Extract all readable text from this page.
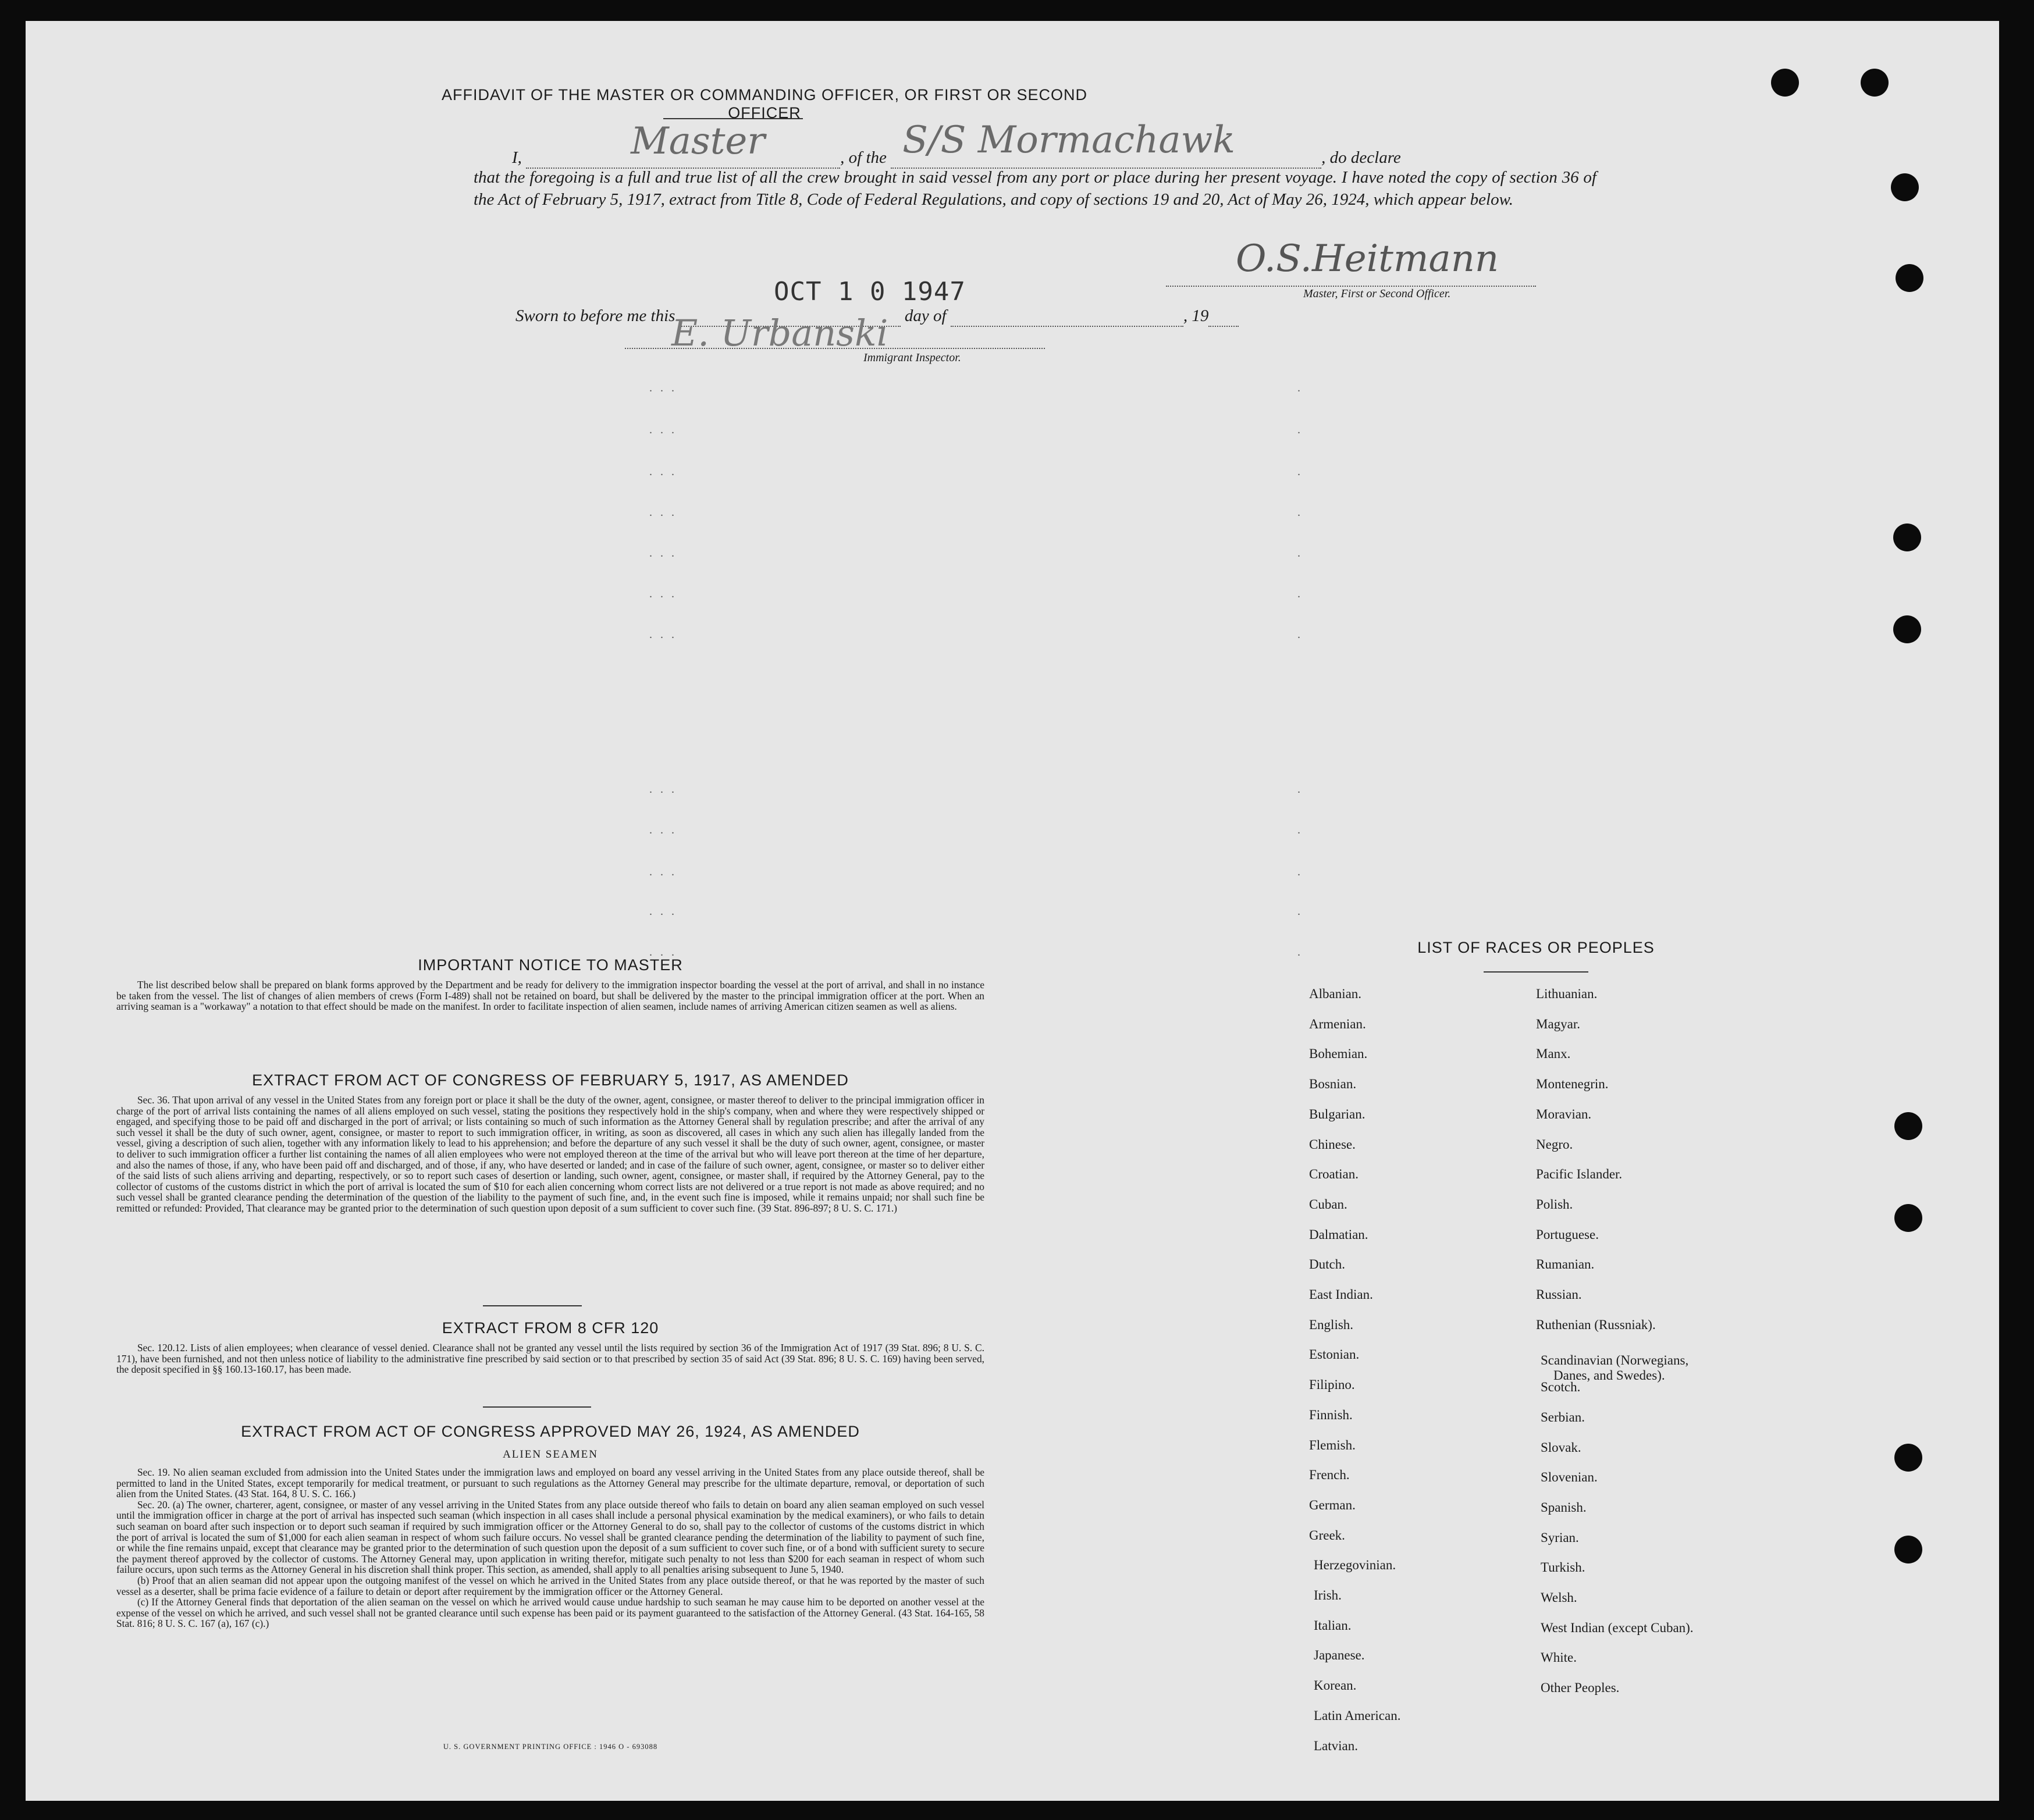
AFFIDAVIT OF THE MASTER OR COMMANDING OFFICER, OR FIRST OR SECOND OFFICER
I,	Master	, of the S/S Mormachawk	, do declare
that the foregoing is a full and true list of all the crew brought in said vessel from any port or place during her present voyage. I have noted the copy of section 36 of the Act of February 5, 1917, extract from Title 8, Code of Federal Regulations, and copy of sections 19 and 20, Act of May 26, 1924, which appear below.
O.S.Heitmann
Master, First or Second Officer.
Sworn to before me this	day of	, 19
OCT 1 0 1947
E. Urbanski
Immigrant Inspector.
...
...
...
...
...
...
...
...
...
...
...
...
.
.
.
.
.
.
.
.
.
.
.
.
IMPORTANT NOTICE TO MASTER

The list described below shall be prepared on blank forms approved by the Department and be ready for delivery to the immigration inspector boarding the vessel at the port of arrival, and shall in no instance be taken from the vessel. The list of changes of alien members of crews (Form I-489) shall not be retained on board, but shall be delivered by the master to the principal immigration officer at the port. When an arriving seaman is a "workaway" a notation to that effect should be made on the manifest. In order to facilitate inspection of alien seamen, include names of arriving American citizen seamen as well as aliens.

EXTRACT FROM ACT OF CONGRESS OF FEBRUARY 5, 1917, AS AMENDED

Sec. 36. That upon arrival of any vessel in the United States from any foreign port or place it shall be the duty of the owner, agent, consignee, or master thereof to deliver to the principal immigration officer in charge of the port of arrival lists containing the names of all aliens employed on such vessel, stating the positions they respectively hold in the ship's company, when and where they were respectively shipped or engaged, and specifying those to be paid off and discharged in the port of arrival; or lists containing so much of such information as the Attorney General shall by regulation prescribe; and after the arrival of any such vessel it shall be the duty of such owner, agent, consignee, or master to report to such immigration officer, in writing, as soon as discovered, all cases in which any such alien has illegally landed from the vessel, giving a description of such alien, together with any information likely to lead to his apprehension; and before the departure of any such vessel it shall be the duty of such owner, agent, consignee, or master to deliver to such immigration officer a further list containing the names of all alien employees who were not employed thereon at the time of the arrival but who will leave port thereon at the time of her departure, and also the names of those, if any, who have been paid off and discharged, and of those, if any, who have deserted or landed; and in case of the failure of such owner, agent, consignee, or master so to deliver either of the said lists of such aliens arriving and departing, respectively, or so to report such cases of desertion or landing, such owner, agent, consignee, or master shall, if required by the Attorney General, pay to the collector of customs of the customs district in which the port of arrival is located the sum of $10 for each alien concerning whom correct lists are not delivered or a true report is not made as above required; and no such vessel shall be granted clearance pending the determination of the question of the liability to the payment of such fine, and, in the event such fine is imposed, while it remains unpaid; nor shall such fine be remitted or refunded: Provided, That clearance may be granted prior to the determination of such question upon deposit of a sum sufficient to cover such fine. (39 Stat. 896-897; 8 U. S. C. 171.)

EXTRACT FROM 8 CFR 120

Sec. 120.12. Lists of alien employees; when clearance of vessel denied. Clearance shall not be granted any vessel until the lists required by section 36 of the Immigration Act of 1917 (39 Stat. 896; 8 U. S. C. 171), have been furnished, and not then unless notice of liability to the administrative fine prescribed by said section or to that prescribed by section 35 of said Act (39 Stat. 896; 8 U. S. C. 169) having been served, the deposit specified in §§ 160.13-160.17, has been made.

EXTRACT FROM ACT OF CONGRESS APPROVED MAY 26, 1924, AS AMENDED
ALIEN SEAMEN

Sec. 19. No alien seaman excluded from admission into the United States under the immigration laws and employed on board any vessel arriving in the United States from any place outside thereof, shall be permitted to land in the United States, except temporarily for medical treatment, or pursuant to such regulations as the Attorney General may prescribe for the ultimate departure, removal, or deportation of such alien from the United States. (43 Stat. 164, 8 U. S. C. 166.)

Sec. 20. (a) The owner, charterer, agent, consignee, or master of any vessel arriving in the United States from any place outside thereof who fails to detain on board any alien seaman employed on such vessel until the immigration officer in charge at the port of arrival has inspected such seaman (which inspection in all cases shall include a personal physical examination by the medical examiners), or who fails to detain such seaman on board after such inspection or to deport such seaman if required by such immigration officer or the Attorney General to do so, shall pay to the collector of customs of the customs district in which the port of arrival is located the sum of $1,000 for each alien seaman in respect of whom such failure occurs. No vessel shall be granted clearance pending the determination of the liability to payment of such fine, or while the fine remains unpaid, except that clearance may be granted prior to the determination of such question upon the deposit of a sum sufficient to cover such fine, or of a bond with sufficient surety to secure the payment thereof approved by the collector of customs. The Attorney General may, upon application in writing therefor, mitigate such penalty to not less than $200 for each seaman in respect of whom such failure occurs, upon such terms as the Attorney General in his discretion shall think proper. This section, as amended, shall apply to all penalties arising subsequent to June 5, 1940.

(b) Proof that an alien seaman did not appear upon the outgoing manifest of the vessel on which he arrived in the United States from any place outside thereof, or that he was reported by the master of such vessel as a deserter, shall be prima facie evidence of a failure to detain or deport after requirement by the immigration officer or the Attorney General.

(c) If the Attorney General finds that deportation of the alien seaman on the vessel on which he arrived would cause undue hardship to such seaman he may cause him to be deported on another vessel at the expense of the vessel on which he arrived, and such vessel shall not be granted clearance until such expense has been paid or its payment guaranteed to the satisfaction of the Attorney General. (43 Stat. 164-165, 58 Stat. 816; 8 U. S. C. 167 (a), 167 (c).)

U. S. GOVERNMENT PRINTING OFFICE : 1946 O - 693088
LIST OF RACES OR PEOPLES
Albanian.
Armenian.
Bohemian.
Bosnian.
Bulgarian.
Chinese.
Croatian.
Cuban.
Dalmatian.
Dutch.
East Indian.
English.
Estonian.
Filipino.
Finnish.
Flemish.
French.
German.
Greek.
Herzegovinian.
Irish.
Italian.
Japanese.
Korean.
Latin American.
Latvian.
Lithuanian.
Magyar.
Manx.
Montenegrin.
Moravian.
Negro.
Pacific Islander.
Polish.
Portuguese.
Rumanian.
Russian.
Ruthenian (Russniak).
Scandinavian (Norwegians,
Danes, and Swedes).
Scotch.
Serbian.
Slovak.
Slovenian.
Spanish.
Syrian.
Turkish.
Welsh.
West Indian (except Cuban).
White.
Other Peoples.
